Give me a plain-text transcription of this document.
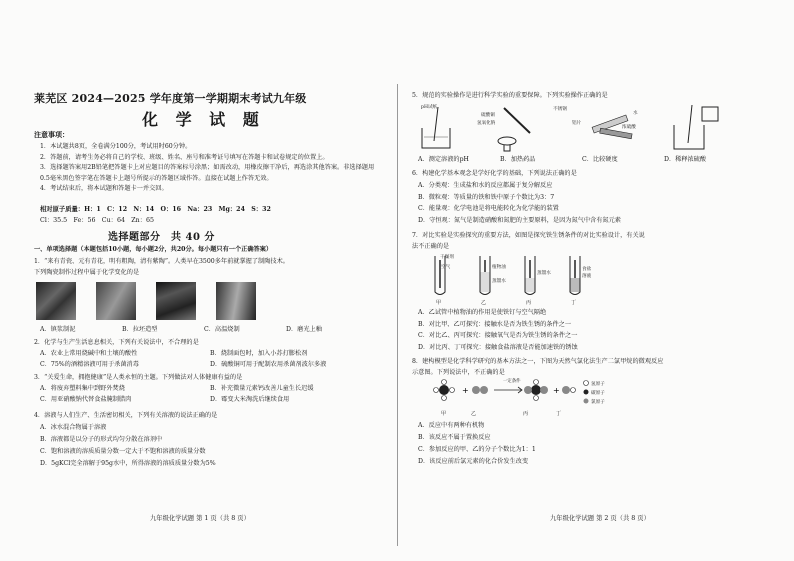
莱芜区 2024—2025 学年度第一学期期末考试九年级
化 学 试 题
注意事项：
1．本试题共8页，全卷满分100分，考试用时60分钟。
2．答题前，请考生务必将自己的学校、班级、姓名、座号和准考证号填写在答题卡和试卷规定的位置上。
3．选择题答案用2B铅笔把答题卡上对应题目的答案标号涂黑；如需改动，用橡皮擦干净后，再选涂其他答案。非选择题用0.5毫米黑色签字笔在答题卡上题号所提示的答题区域作答。直接在试题上作答无效。
4．考试结束后，将本试题和答题卡一并交回。
相对原子质量：H：1　C：12　N：14　O：16　Na：23　Mg：24　S：32
Cl：35.5　Fe：56　Cu：64　Zn：65
选择题部分　共 40 分
一、单项选择题（本题包括10小题，每小题2分，共20分。每小题只有一个正确答案）
1．“来有青瓷、元有青花，明有粗陶，清有紫陶”。人类早在3500多年前就掌握了制陶技术。
下列陶瓷制作过程中属于化学变化的是
A．镇浆制泥	B．拉坯造型	C．高温烧制	D．磨光上釉
2．化学与生产生活息息相关，下列有关说法中，不合理的是
A．农业上常用烧碱中和土壤的酸性	B．烧制面包时，加入小苏打膨松剂
C．75%的酒精溶液可用于杀菌消毒	D．硫酸铜可用于配制农用杀菌剂波尔多液
3．“关爱生命，拥抱健康”是人类永恒的主题。下列做法对人体健康有益的是
A．将废弃塑料集中到野外焚烧	B．补充微量元素钙改善儿童生长迟缓
C．用亚硝酸钠代替食盐腌制腊肉	D．霉变大米淘洗后继续食用
4．溶液与人们生产、生活密切相关，下列有关溶液的说法正确的是
A．冰水混合物属于溶液
B．溶液都是以分子的形式均匀分散在溶剂中
C．饱和溶液的溶质质量分数一定大于不饱和溶液的质量分数
D．5gKCl完全溶解于95g水中，所得溶液的溶质质量分数为5%
九年级化学试题 第 1 页（共 8 页）
5．规范的实验操作是进行科学实验的重要保障。下列实验操作正确的是
pH试纸
硫酸铜
氢氧化钠
不锈钢
铝片
水
浓硫酸
A．测定溶液的pH	B．加热药品	C．比较硬度	D．稀释浓硫酸
6．构建化学基本观念是学好化学的基础，下列说法正确的是
A．分类观：生成盐和水的反应都属于复分解反应
B．微粒观：等质量的铁和铁中原子个数比为3：7
C．能量观：化学电池是将电能转化为化学能的装置
D．守恒观：氮气是制造硝酸和氮肥的主要原料，是因为氮气中含有氮元素
7．对比实验是实验探究的重要方法，如图是探究铁生锈条件的对比实验设计，有关说
法不正确的是
干燥剂
空气	植物油
蒸馏水
蒸馏水
食盐
溶液
甲	乙	丙	丁
A．乙试管中植物油的作用是使铁钉与空气隔绝
B．对比甲、乙可探究：接触水是否为铁生锈的条件之一
C．对比乙、丙可探究：接触氧气是否为铁生锈的条件之一
D．对比丙、丁可探究：接触食盐溶液是否能加速铁的锈蚀
8．建构模型是化学科学研究的基本方法之一，下图为天然气氯化法生产二氯甲烷的微观反应
示意图。下列说法中，不正确的是
+	+
一定条件
氢原子
碳原子
氯原子
甲	乙	丙	丁
A．反应中有两种有机物
B．该反应不属于置换反应
C．参加反应的甲、乙的分子个数比为1：1
D．该反应前后氯元素的化合价发生改变
九年级化学试题 第 2 页（共 8 页）
